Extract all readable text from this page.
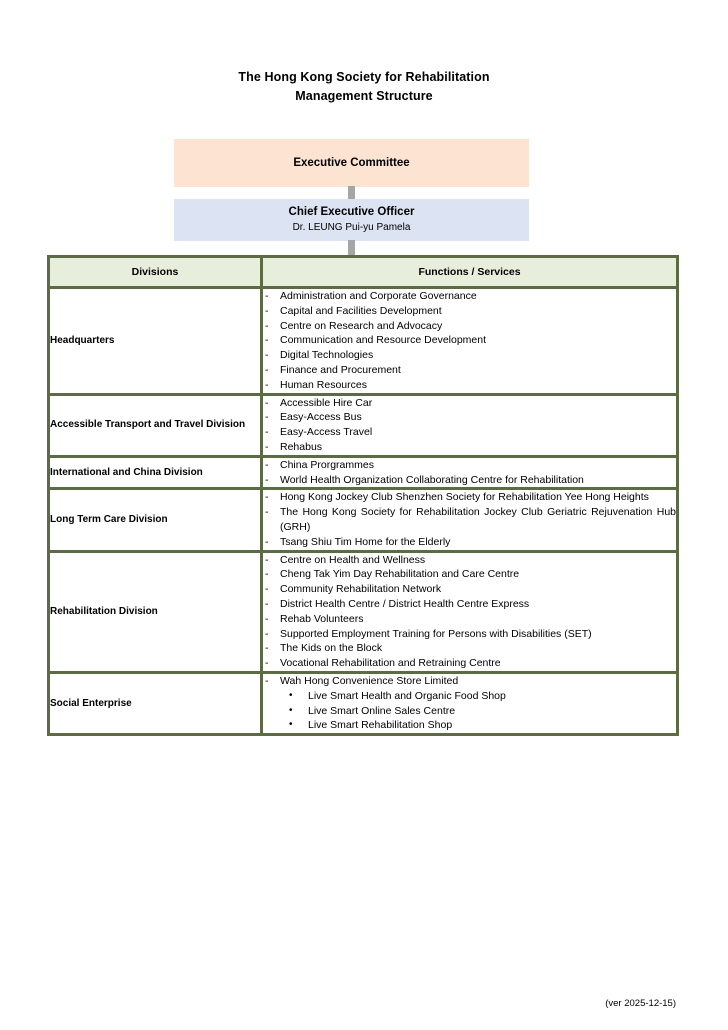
The Hong Kong Society for Rehabilitation
Management Structure
Executive Committee
Chief Executive Officer
Dr. LEUNG Pui-yu Pamela
Divisions	Functions / Services
Headquarters	
- Administration and Corporate Governance
- Capital and Facilities Development
- Centre on Research and Advocacy
- Communication and Resource Development
- Digital Technologies
- Finance and Procurement
- Human Resources

Accessible Transport and Travel Division	
- Accessible Hire Car
- Easy-Access Bus
- Easy-Access Travel
- Rehabus

International and China Division	
- China Prorgrammes
- World Health Organization Collaborating Centre for Rehabilitation

Long Term Care Division	
- Hong Kong Jockey Club Shenzhen Society for Rehabilitation Yee Hong Heights
- The Hong Kong Society for Rehabilitation Jockey Club Geriatric Rejuvenation Hub (GRH)
- Tsang Shiu Tim Home for the Elderly

Rehabilitation Division	
- Centre on Health and Wellness
- Cheng Tak Yim Day Rehabilitation and Care Centre
- Community Rehabilitation Network
- District Health Centre / District Health Centre Express
- Rehab Volunteers
- Supported Employment Training for Persons with Disabilities (SET)
- The Kids on the Block
- Vocational Rehabilitation and Retraining Centre

Social Enterprise	
- Wah Hong Convenience Store Limited
• Live Smart Health and Organic Food Shop
• Live Smart Online Sales Centre
• Live Smart Rehabilitation Shop
(ver 2025-12-15)
